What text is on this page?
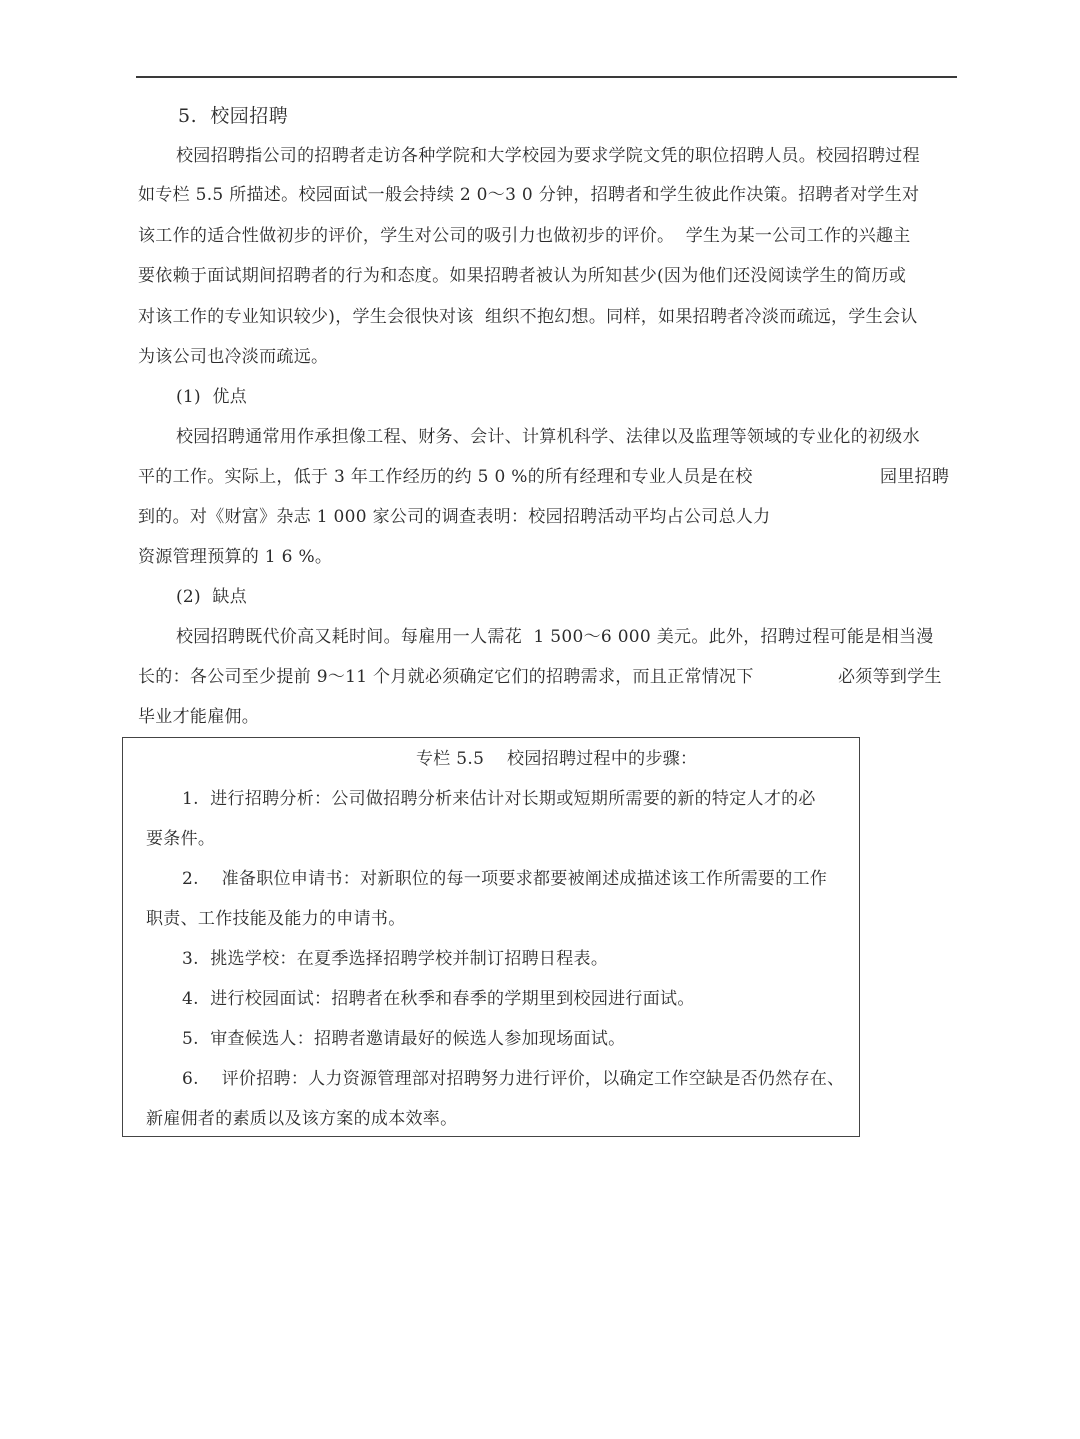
5.  校园招聘
校园招聘指公司的招聘者走访各种学院和大学校园为要求学院文凭的职位招聘人员。校园招聘过程
如专栏 5.5 所描述。校园面试一般会持续 2 0～3 0 分钟，招聘者和学生彼此作决策。招聘者对学生对
该工作的适合性做初步的评价，学生对公司的吸引力也做初步的评价。  学生为某一公司工作的兴趣主
要依赖于面试期间招聘者的行为和态度。如果招聘者被认为所知甚少(因为他们还没阅读学生的简历或
对该工作的专业知识较少)，学生会很快对该  组织不抱幻想。同样，如果招聘者冷淡而疏远，学生会认
为该公司也冷淡而疏远。
(1)  优点
校园招聘通常用作承担像工程、财务、会计、计算机科学、法律以及监理等领域的专业化的初级水
平的工作。实际上，低于 3 年工作经历的约 5 0 %的所有经理和专业人员是在校	园里招聘
到的。对《财富》杂志 1 000 家公司的调查表明：校园招聘活动平均占公司总人力
资源管理预算的 1 6 %。
(2)  缺点
校园招聘既代价高又耗时间。每雇用一人需花  1 500～6 000 美元。此外，招聘过程可能是相当漫
长的：各公司至少提前 9～11 个月就必须确定它们的招聘需求，而且正常情况下	必须等到学生
毕业才能雇佣。
专栏 5.5    校园招聘过程中的步骤：
1.  进行招聘分析：公司做招聘分析来估计对长期或短期所需要的新的特定人才的必
要条件。
2.    准备职位申请书：对新职位的每一项要求都要被阐述成描述该工作所需要的工作
职责、工作技能及能力的申请书。
3.  挑选学校：在夏季选择招聘学校并制订招聘日程表。
4.  进行校园面试：招聘者在秋季和春季的学期里到校园进行面试。
5.  审查候选人：招聘者邀请最好的候选人参加现场面试。
6.    评价招聘：人力资源管理部对招聘努力进行评价，以确定工作空缺是否仍然存在、
新雇佣者的素质以及该方案的成本效率。
